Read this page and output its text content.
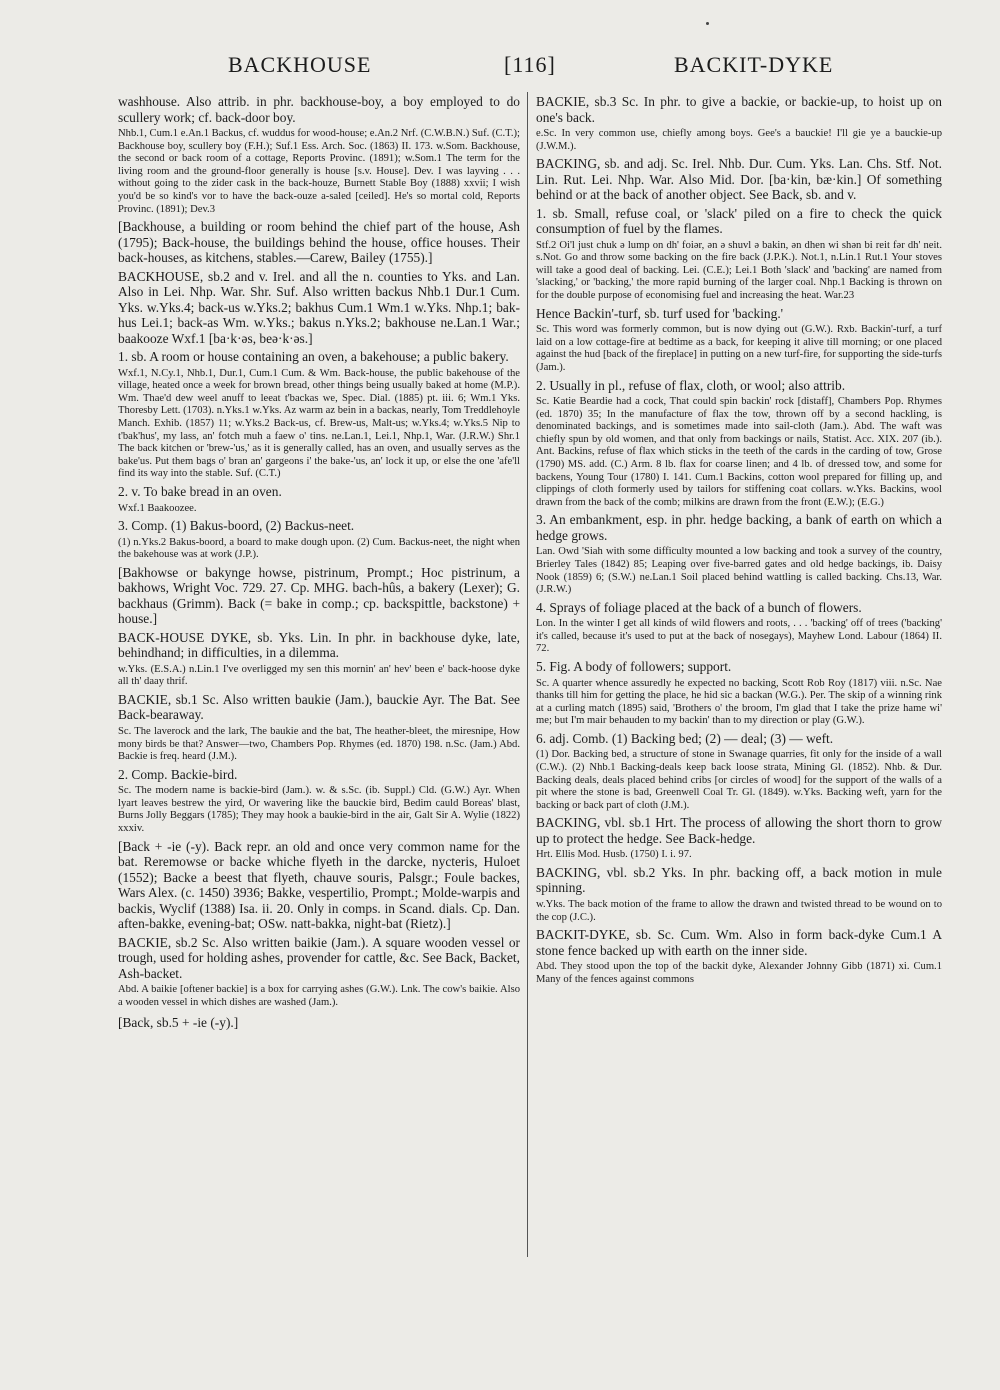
BACKHOUSE	[116]	BACKIT-DYKE

washhouse. Also attrib. in phr. backhouse-boy, a boy employed to do scullery work; cf. back-door boy.

Nhb.1, Cum.1 e.An.1 Backus, cf. wuddus for wood-house; e.An.2 Nrf. (C.W.B.N.) Suf. (C.T.); Backhouse boy, scullery boy (F.H.); Suf.1 Ess. Arch. Soc. (1863) II. 173. w.Som. Backhouse, the second or back room of a cottage, Reports Provinc. (1891); w.Som.1 The term for the living room and the ground-floor generally is house [s.v. House]. Dev. I was layving . . . without going to the zider cask in the back-houze, Burnett Stable Boy (1888) xxvii; I wish you'd be so kind's vor to have the back-ouze a-saled [ceiled]. He's so mortal cold, Reports Provinc. (1891); Dev.3

[Backhouse, a building or room behind the chief part of the house, Ash (1795); Back-house, the buildings behind the house, office houses. Their back-houses, as kitchens, stables.—Carew, Bailey (1755).]

BACKHOUSE, sb.2 and v. Irel. and all the n. counties to Yks. and Lan. Also in Lei. Nhp. War. Shr. Suf. Also written backus Nhb.1 Dur.1 Cum. Yks. w.Yks.4; back-us w.Yks.2; bakhus Cum.1 Wm.1 w.Yks. Nhp.1; bak-hus Lei.1; back-as Wm. w.Yks.; bakus n.Yks.2; bakhouse ne.Lan.1 War.; baakooze Wxf.1 [ba·k·əs, beə·k·əs.]

1. sb. A room or house containing an oven, a bakehouse; a public bakery.

Wxf.1, N.Cy.1, Nhb.1, Dur.1, Cum.1 Cum. & Wm. Back-house, the public bakehouse of the village, heated once a week for brown bread, other things being usually baked at home (M.P.). Wm. Thae'd dew weel anuff to leeat t'backas we, Spec. Dial. (1885) pt. iii. 6; Wm.1 Yks. Thoresby Lett. (1703). n.Yks.1 w.Yks. Az warm az bein in a backas, nearly, Tom Treddlehoyle Manch. Exhib. (1857) 11; w.Yks.2 Back-us, cf. Brew-us, Malt-us; w.Yks.4; w.Yks.5 Nip to t'bak'hus', my lass, an' fotch muh a faew o' tins. ne.Lan.1, Lei.1, Nhp.1, War. (J.R.W.) Shr.1 The back kitchen or 'brew-'us,' as it is generally called, has an oven, and usually serves as the bake'us. Put them bags o' bran an' gargeons i' the bake-'us, an' lock it up, or else the one 'afe'll find its way into the stable. Suf. (C.T.)

2. v. To bake bread in an oven.

Wxf.1 Baakoozee.

3. Comp. (1) Bakus-boord, (2) Backus-neet.

(1) n.Yks.2 Bakus-boord, a board to make dough upon. (2) Cum. Backus-neet, the night when the bakehouse was at work (J.P.).

[Bakhowse or bakynge howse, pistrinum, Prompt.; Hoc pistrinum, a bakhows, Wright Voc. 729. 27. Cp. MHG. bach-hûs, a bakery (Lexer); G. backhaus (Grimm). Back (= bake in comp.; cp. backspittle, backstone) + house.]

BACK-HOUSE DYKE, sb. Yks. Lin. In phr. in backhouse dyke, late, behindhand; in difficulties, in a dilemma.

w.Yks. (E.S.A.) n.Lin.1 I've overligged my sen this mornin' an' hev' been e' back-hoose dyke all th' daay thrif.

BACKIE, sb.1 Sc. Also written baukie (Jam.), bauckie Ayr. The Bat. See Back-bearaway.

Sc. The laverock and the lark, The baukie and the bat, The heather-bleet, the miresnipe, How mony birds be that? Answer—two, Chambers Pop. Rhymes (ed. 1870) 198. n.Sc. (Jam.) Abd. Backie is freq. heard (J.M.).

2. Comp. Backie-bird.

Sc. The modern name is backie-bird (Jam.). w. & s.Sc. (ib. Suppl.) Cld. (G.W.) Ayr. When lyart leaves bestrew the yird, Or wavering like the bauckie bird, Bedim cauld Boreas' blast, Burns Jolly Beggars (1785); They may hook a baukie-bird in the air, Galt Sir A. Wylie (1822) xxxiv.

[Back + -ie (-y). Back repr. an old and once very common name for the bat. Reremowse or backe whiche flyeth in the darcke, nycteris, Huloet (1552); Backe a beest that flyeth, chauve souris, Palsgr.; Foule backes, Wars Alex. (c. 1450) 3936; Bakke, vespertilio, Prompt.; Molde-warpis and backis, Wyclif (1388) Isa. ii. 20. Only in comps. in Scand. dials. Cp. Dan. aften-bakke, evening-bat; OSw. natt-bakka, night-bat (Rietz).]

BACKIE, sb.2 Sc. Also written baikie (Jam.). A square wooden vessel or trough, used for holding ashes, provender for cattle, &c. See Back, Backet, Ash-backet.

Abd. A baikie [oftener backie] is a box for carrying ashes (G.W.). Lnk. The cow's baikie. Also a wooden vessel in which dishes are washed (Jam.).

[Back, sb.5 + -ie (-y).]

BACKIE, sb.3 Sc. In phr. to give a backie, or backie-up, to hoist up on one's back.

e.Sc. In very common use, chiefly among boys. Gee's a bauckie! I'll gie ye a bauckie-up (J.W.M.).

BACKING, sb. and adj. Sc. Irel. Nhb. Dur. Cum. Yks. Lan. Chs. Stf. Not. Lin. Rut. Lei. Nhp. War. Also Mid. Dor. [ba·kin, bæ·kin.] Of something behind or at the back of another object. See Back, sb. and v.

1. sb. Small, refuse coal, or 'slack' piled on a fire to check the quick consumption of fuel by the flames.

Stf.2 Oi'l just chuk ə lump on dh' foiər, ən ə shuvl ə bakin, ən dhen wi shən bi reit fər dh' neit. s.Not. Go and throw some backing on the fire back (J.P.K.). Not.1, n.Lin.1 Rut.1 Your stoves will take a good deal of backing. Lei. (C.E.); Lei.1 Both 'slack' and 'backing' are named from 'slacking,' or 'backing,' the more rapid burning of the larger coal. Nhp.1 Backing is thrown on for the double purpose of economising fuel and increasing the heat. War.23

Hence Backin'-turf, sb. turf used for 'backing.'

Sc. This word was formerly common, but is now dying out (G.W.). Rxb. Backin'-turf, a turf laid on a low cottage-fire at bedtime as a back, for keeping it alive till morning; or one placed against the hud [back of the fireplace] in putting on a new turf-fire, for supporting the side-turfs (Jam.).

2. Usually in pl., refuse of flax, cloth, or wool; also attrib.

Sc. Katie Beardie had a cock, That could spin backin' rock [distaff], Chambers Pop. Rhymes (ed. 1870) 35; In the manufacture of flax the tow, thrown off by a second hackling, is denominated backings, and is sometimes made into sail-cloth (Jam.). Abd. The waft was chiefly spun by old women, and that only from backings or nails, Statist. Acc. XIX. 207 (ib.). Ant. Backins, refuse of flax which sticks in the teeth of the cards in the carding of tow, Grose (1790) MS. add. (C.) Arm. 8 lb. flax for coarse linen; and 4 lb. of dressed tow, and some for backens, Young Tour (1780) I. 141. Cum.1 Backins, cotton wool prepared for filling up, and clippings of cloth formerly used by tailors for stiffening coat collars. w.Yks. Backins, wool drawn from the back of the comb; milkins are drawn from the front (E.W.); (E.G.)

3. An embankment, esp. in phr. hedge backing, a bank of earth on which a hedge grows.

Lan. Owd 'Siah with some difficulty mounted a low backing and took a survey of the country, Brierley Tales (1842) 85; Leaping over five-barred gates and old hedge backings, ib. Daisy Nook (1859) 6; (S.W.) ne.Lan.1 Soil placed behind wattling is called backing. Chs.13, War. (J.R.W.)

4. Sprays of foliage placed at the back of a bunch of flowers.

Lon. In the winter I get all kinds of wild flowers and roots, . . . 'backing' off of trees ('backing' it's called, because it's used to put at the back of nosegays), Mayhew Lond. Labour (1864) II. 72.

5. Fig. A body of followers; support.

Sc. A quarter whence assuredly he expected no backing, Scott Rob Roy (1817) viii. n.Sc. Nae thanks till him for getting the place, he hid sic a backan (W.G.). Per. The skip of a winning rink at a curling match (1895) said, 'Brothers o' the broom, I'm glad that I take the prize hame wi' me; but I'm mair behauden to my backin' than to my direction or play (G.W.).

6. adj. Comb. (1) Backing bed; (2) — deal; (3) — weft.

(1) Dor. Backing bed, a structure of stone in Swanage quarries, fit only for the inside of a wall (C.W.). (2) Nhb.1 Backing-deals keep back loose strata, Mining Gl. (1852). Nhb. & Dur. Backing deals, deals placed behind cribs [or circles of wood] for the support of the walls of a pit where the stone is bad, Greenwell Coal Tr. Gl. (1849). w.Yks. Backing weft, yarn for the backing or back part of cloth (J.M.).

BACKING, vbl. sb.1 Hrt. The process of allowing the short thorn to grow up to protect the hedge. See Back-hedge.

Hrt. Ellis Mod. Husb. (1750) I. i. 97.

BACKING, vbl. sb.2 Yks. In phr. backing off, a back motion in mule spinning.

w.Yks. The back motion of the frame to allow the drawn and twisted thread to be wound on to the cop (J.C.).

BACKIT-DYKE, sb. Sc. Cum. Wm. Also in form back-dyke Cum.1 A stone fence backed up with earth on the inner side.

Abd. They stood upon the top of the backit dyke, Alexander Johnny Gibb (1871) xi. Cum.1 Many of the fences against commons
